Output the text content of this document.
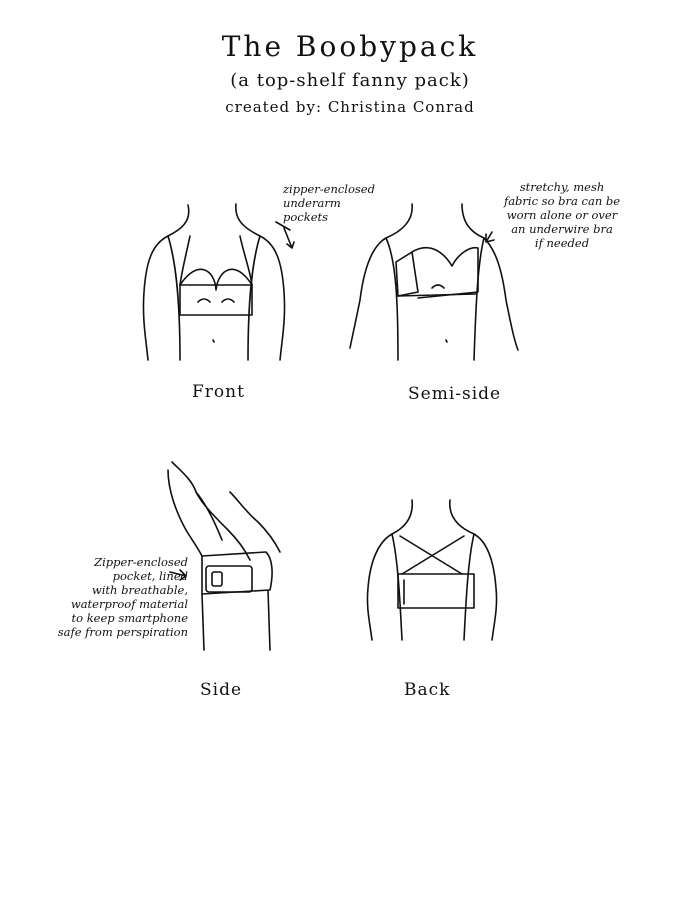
The Boobypack
(a top-shelf fanny pack)
created by: Christina Conrad
zipper-enclosed
underarm
pockets
stretchy, mesh
fabric so bra can be
worn alone or over
an underwire bra
if needed
Zipper-enclosed
pocket, lined
with breathable,
waterproof material
to keep smartphone
safe from perspiration
Front	Semi-side
Side	Back
